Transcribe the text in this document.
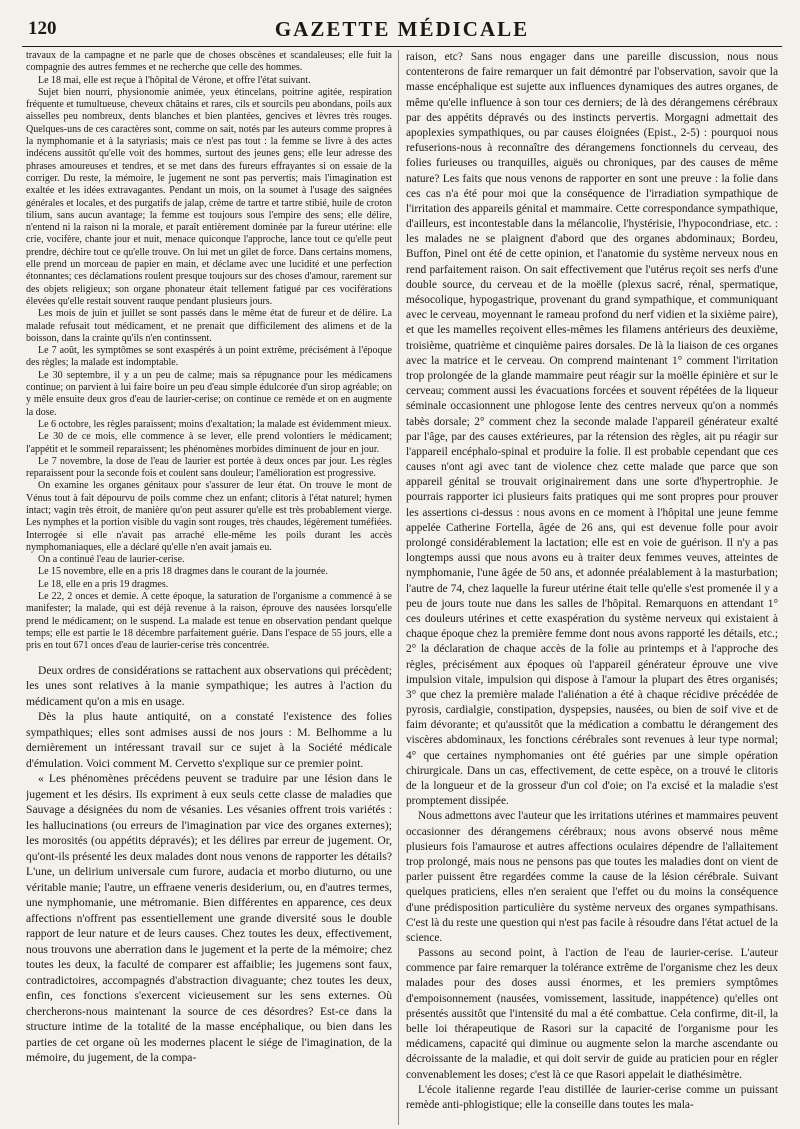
120	GAZETTE MÉDICALE

travaux de la campagne et ne parle que de choses obscènes et scandaleuses; elle fuit la compagnie des autres femmes et ne recherche que celle des hommes.

Le 18 mai, elle est reçue à l'hôpital de Vérone, et offre l'état suivant.

Sujet bien nourri, physionomie animée, yeux étincelans, poitrine agitée, respiration fréquente et tumultueuse, cheveux châtains et rares, cils et sourcils peu abondans, poils aux aisselles peu nombreux, dents blanches et bien plantées, gencives et lèvres très rouges. Quelques-uns de ces caractères sont, comme on sait, notés par les auteurs comme propres à la nymphomanie et à la satyriasis; mais ce n'est pas tout : la femme se livre à des actes indécens aussitôt qu'elle voit des hommes, surtout des jeunes gens; elle leur adresse des phrases amoureuses et tendres, et se met dans des fureurs effrayantes si on essaie de la corriger. Du reste, la mémoire, le jugement ne sont pas pervertis; mais l'imagination est exaltée et les idées extravagantes. Pendant un mois, on la soumet à l'usage des saignées générales et locales, et des purgatifs de jalap, crème de tartre et tartre stibié, huile de croton tilium, sans aucun avantage; la femme est toujours sous l'empire des sens; elle délire, n'entend ni la raison ni la morale, et paraît entièrement dominée par la fureur utérine: elle crie, vocifère, chante jour et nuit, menace quiconque l'approche, lance tout ce qu'elle peut prendre, déchire tout ce qu'elle trouve. On lui met un gilet de force. Dans certains momens, elle prend un morceau de papier en main, et déclame avec une lucidité et une perfection étonnantes; ces déclamations roulent presque toujours sur des choses d'amour, rarement sur des objets religieux; son organe phonateur était tellement fatigué par ces vociférations élevées qu'elle restait souvent rauque pendant plusieurs jours.

Les mois de juin et juillet se sont passés dans le même état de fureur et de délire. La malade refusait tout médicament, et ne prenait que difficilement des alimens et de la boisson, dans la crainte qu'ils n'en continssent.

Le 7 août, les symptômes se sont exaspérés à un point extrême, précisément à l'époque des règles; la malade est indomptable.

Le 30 septembre, il y a un peu de calme; mais sa répugnance pour les médicamens continue; on parvient à lui faire boire un peu d'eau simple édulcorée d'un sirop agréable; on y mêle ensuite deux gros d'eau de laurier-cerise; on continue ce remède et on en augmente la dose.

Le 6 octobre, les règles paraissent; moins d'exaltation; la malade est évidemment mieux.

Le 30 de ce mois, elle commence à se lever, elle prend volontiers le médicament; l'appétit et le sommeil reparaissent; les phénomènes morbides diminuent de jour en jour.

Le 7 novembre, la dose de l'eau de laurier est portée à deux onces par jour. Les règles reparaissent pour la seconde fois et coulent sans douleur; l'amélioration est progressive.

On examine les organes génitaux pour s'assurer de leur état. On trouve le mont de Vénus tout à fait dépourvu de poils comme chez un enfant; clitoris à l'état naturel; hymen intact; vagin très étroit, de manière qu'on peut assurer qu'elle est très probablement vierge. Les nymphes et la portion visible du vagin sont rouges, très chaudes, légèrement tuméfiées. Interrogée si elle n'avait pas arraché elle-même les poils durant les accès nymphomaniaques, elle a déclaré qu'elle n'en avait jamais eu.

On a continué l'eau de laurier-cerise.

Le 15 novembre, elle en a pris 18 dragmes dans le courant de la journée.

Le 18, elle en a pris 19 dragmes.

Le 22, 2 onces et demie. A cette époque, la saturation de l'organisme a commencé à se manifester; la malade, qui est déjà revenue à la raison, éprouve des nausées lorsqu'elle prend le médicament; on le suspend. La malade est tenue en observation pendant quelque temps; elle est partie le 18 décembre parfaitement guérie. Dans l'espace de 55 jours, elle a pris en tout 671 onces d'eau de laurier-cerise très concentrée.

Deux ordres de considérations se rattachent aux observations qui précèdent; les unes sont relatives à la manie sympathique; les autres à l'action du médicament qu'on a mis en usage.

Dès la plus haute antiquité, on a constaté l'existence des folies sympathiques; elles sont admises aussi de nos jours : M. Belhomme a lu dernièrement un intéressant travail sur ce sujet à la Société médicale d'émulation. Voici comment M. Cervetto s'explique sur ce premier point.

« Les phénomènes précédens peuvent se traduire par une lésion dans le jugement et les désirs. Ils expriment à eux seuls cette classe de maladies que Sauvage a désignées du nom de vésanies. Les vésanies offrent trois variétés : les hallucinations (ou erreurs de l'imagination par vice des organes externes); les morosités (ou appétits dépravés); et les délires par erreur de jugement. Or, qu'ont-ils présenté les deux malades dont nous venons de rapporter les détails? L'une, un delirium universale cum furore, audacia et morbo diuturno, ou une véritable manie; l'autre, un effraene veneris desiderium, ou, en d'autres termes, une nymphomanie, une métromanie. Bien différentes en apparence, ces deux affections n'offrent pas essentiellement une grande diversité sous le double rapport de leur nature et de leurs causes. Chez toutes les deux, effectivement, nous trouvons une aberration dans le jugement et la perte de la mémoire; chez toutes les deux, la faculté de comparer est affaiblie; les jugemens sont faux, contradictoires, accompagnés d'abstraction divaguante; chez toutes les deux, enfin, ces fonctions s'exercent vicieusement sur les sens externes. Où chercherons-nous maintenant la source de ces désordres? Est-ce dans la structure intime de la totalité de la masse encéphalique, ou bien dans les parties de cet organe où les modernes placent le siége de l'imagination, de la mémoire, du jugement, de la compa-

raison, etc? Sans nous engager dans une pareille discussion, nous nous contenterons de faire remarquer un fait démontré par l'observation, savoir que la masse encéphalique est sujette aux influences dynamiques des autres organes, de même qu'elle influence à son tour ces derniers; de là des dérangemens cérébraux par des appétits dépravés ou des instincts pervertis. Morgagni admettait des apoplexies sympathiques, ou par causes éloignées (Epist., 2-5) : pourquoi nous refuserions-nous à reconnaître des dérangemens fonctionnels du cerveau, des folies furieuses ou tranquilles, aiguës ou chroniques, par des causes de même nature? Les faits que nous venons de rapporter en sont une preuve : la folie dans ces cas n'a été pour moi que la conséquence de l'irradiation sympathique de l'irritation des appareils génital et mammaire. Cette correspondance sympathique, d'ailleurs, est incontestable dans la mélancolie, l'hystérisie, l'hypocondriase, etc. : les malades ne se plaignent d'abord que des organes abdominaux; Bordeu, Buffon, Pinel ont été de cette opinion, et l'anatomie du système nerveux nous en rend parfaitement raison. On sait effectivement que l'utérus reçoit ses nerfs d'une double source, du cerveau et de la moëlle (plexus sacré, rénal, spermatique, mésocolique, hypogastrique, provenant du grand sympathique, et communiquant avec le cerveau, moyennant le rameau profond du nerf vidien et la sixième paire), et que les mamelles reçoivent elles-mêmes les filamens antérieurs des deuxième, troisième, quatrième et cinquième paires dorsales. De là la liaison de ces organes avec la matrice et le cerveau. On comprend maintenant 1° comment l'irritation trop prolongée de la glande mammaire peut réagir sur la moëlle épinière et sur le cerveau; comment aussi les évacuations forcées et souvent répétées de la liqueur séminale occasionnent une phlogose lente des centres nerveux qu'on a nommés tabès dorsale; 2° comment chez la seconde malade l'appareil générateur exalté par l'âge, par des causes extérieures, par la rétension des règles, ait pu réagir sur l'appareil encéphalo-spinal et produire la folie. Il est probable cependant que ces causes n'ont agi avec tant de violence chez cette malade que parce que son appareil génital se trouvait originairement dans une sorte d'hypertrophie. Je pourrais rapporter ici plusieurs faits pratiques qui me sont propres pour prouver les assertions ci-dessus : nous avons en ce moment à l'hôpital une jeune femme appelée Catherine Fortella, âgée de 26 ans, qui est devenue folle pour avoir prolongé considérablement la lactation; elle est en voie de guérison. Il n'y a pas longtemps aussi que nous avons eu à traiter deux femmes veuves, atteintes de nymphomanie, l'une âgée de 50 ans, et adonnée préalablement à la masturbation; l'autre de 74, chez laquelle la fureur utérine était telle qu'elle s'est promenée il y a peu de jours toute nue dans les salles de l'hôpital. Remarquons en attendant 1° ces douleurs utérines et cette exaspération du système nerveux qui existaient à chaque époque chez la première femme dont nous avons rapporté les détails, etc.; 2° la déclaration de chaque accès de la folie au printemps et à l'approche des règles, précisément aux époques où l'appareil générateur éprouve une vive impulsion vitale, impulsion qui dispose à l'amour la plupart des êtres organisés; 3° que chez la première malade l'aliénation a été à chaque récidive précédée de pyrosis, cardialgie, constipation, dyspepsies, nausées, ou bien de soif vive et de faim dévorante; et qu'aussitôt que la médication a combattu le dérangement des viscères abdominaux, les fonctions cérébrales sont revenues à leur type normal; 4° que certaines nymphomanies ont été guéries par une simple opération chirurgicale. Dans un cas, effectivement, de cette espèce, on a trouvé le clitoris de la longueur et de la grosseur d'un col d'oie; on l'a excisé et la maladie s'est promptement dissipée.

Nous admettons avec l'auteur que les irritations utérines et mammaires peuvent occasionner des dérangemens cérébraux; nous avons observé nous même plusieurs fois l'amaurose et autres affections oculaires dépendre de l'allaitement trop prolongé, mais nous ne pensons pas que toutes les maladies dont on vient de parler puissent être regardées comme la cause de la lésion cérébrale. Suivant quelques praticiens, elles n'en seraient que l'effet ou du moins la conséquence d'une prédisposition particulière du système nerveux des organes sympathisans. C'est là du reste une question qui n'est pas facile à résoudre dans l'état actuel de la science.

Passons au second point, à l'action de l'eau de laurier-cerise. L'auteur commence par faire remarquer la tolérance extrême de l'organisme chez les deux malades pour des doses aussi énormes, et les premiers symptômes d'empoisonnement (nausées, vomissement, lassitude, inappétence) qu'elles ont présentés aussitôt que l'intensité du mal a été combattue. Cela confirme, dit-il, la belle loi thérapeutique de Rasori sur la capacité de l'organisme pour les médicamens, capacité qui diminue ou augmente selon la marche ascendante ou décroissante de la maladie, et qui doit servir de guide au praticien pour en régler convenablement les doses; c'est là ce que Rasori appelait le diathésimètre.

L'école italienne regarde l'eau distillée de laurier-cerise comme un puissant remède anti-phlogistique; elle la conseille dans toutes les mala-
